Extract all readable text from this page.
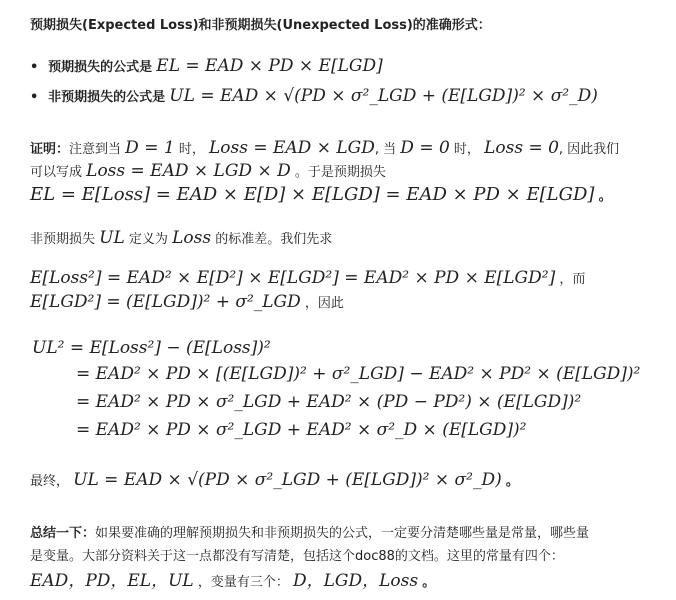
预期损失(Expected Loss)和非预期损失(Unexpected Loss)的准确形式：
• 预期损失的公式是 EL = EAD × PD × E[LGD]
• 非预期损失的公式是 UL = EAD × √(PD × σ²_LGD + (E[LGD])² × σ²_D)
证明：注意到当 D = 1 时， Loss = EAD × LGD, 当 D = 0 时， Loss = 0, 因此我们
可以写成 Loss = EAD × LGD × D 。于是预期损失
EL = E[Loss] = EAD × E[D] × E[LGD] = EAD × PD × E[LGD] 。
非预期损失 UL 定义为 Loss 的标准差。我们先求
E[Loss²] = EAD² × E[D²] × E[LGD²] = EAD² × PD × E[LGD²] ，而
E[LGD²] = (E[LGD])² + σ²_LGD ，因此
UL² = E[Loss²] − (E[Loss])²
= EAD² × PD × [(E[LGD])² + σ²_LGD] − EAD² × PD² × (E[LGD])²
= EAD² × PD × σ²_LGD + EAD² × (PD − PD²) × (E[LGD])²
= EAD² × PD × σ²_LGD + EAD² × σ²_D × (E[LGD])²
最终， UL = EAD × √(PD × σ²_LGD + (E[LGD])² × σ²_D) 。
总结一下：如果要准确的理解预期损失和非预期损失的公式，一定要分清楚哪些量是常量，哪些量
是变量。大部分资料关于这一点都没有写清楚，包括这个doc88的文档。这里的常量有四个：
EAD，PD，EL，UL ，变量有三个： D，LGD，Loss 。
